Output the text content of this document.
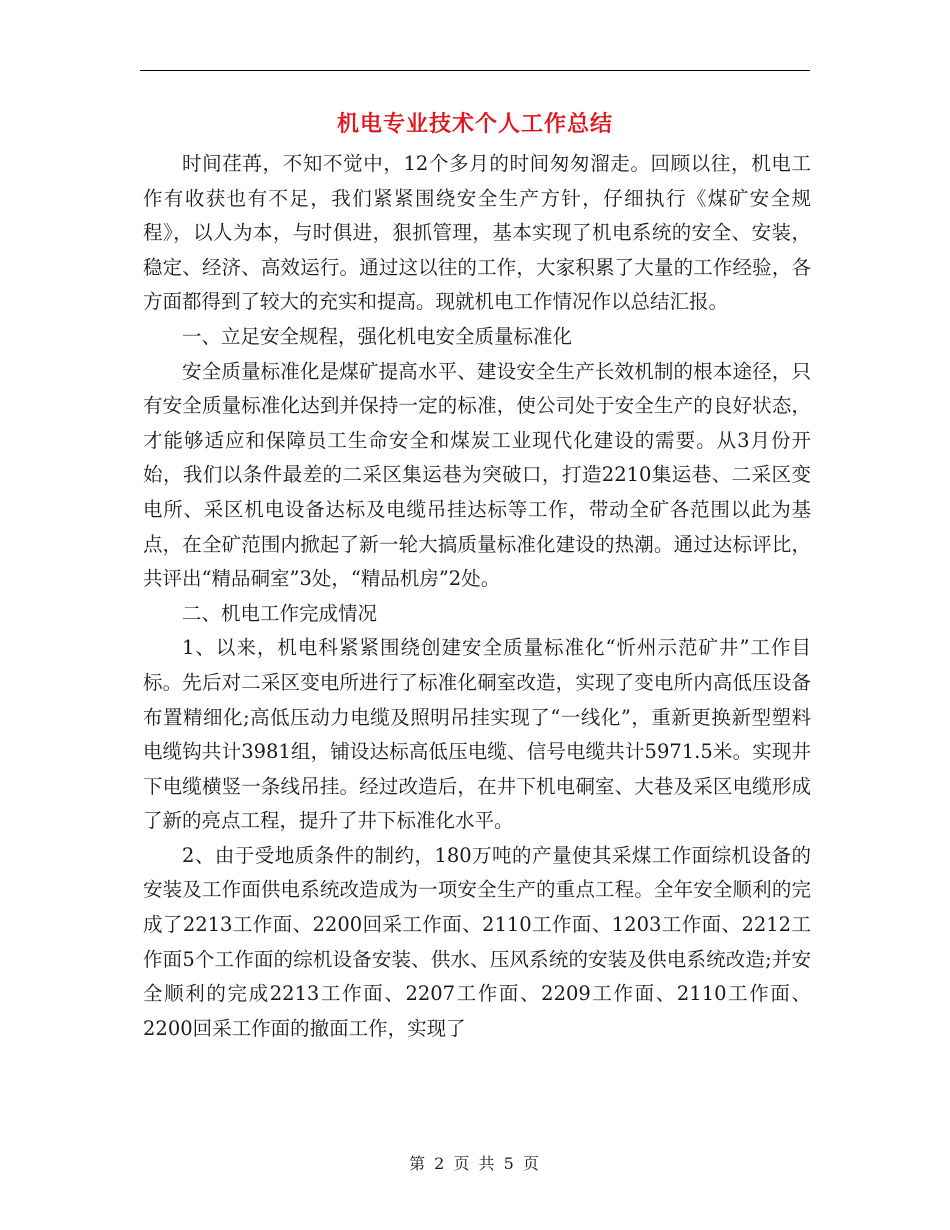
机电专业技术个人工作总结

时间荏苒，不知不觉中，12个多月的时间匆匆溜走。回顾以往，机电工作有收获也有不足，我们紧紧围绕安全生产方针，仔细执行《煤矿安全规程》，以人为本，与时俱进，狠抓管理，基本实现了机电系统的安全、安装，稳定、经济、高效运行。通过这以往的工作，大家积累了大量的工作经验，各方面都得到了较大的充实和提高。现就机电工作情况作以总结汇报。

一、立足安全规程，强化机电安全质量标准化

安全质量标准化是煤矿提高水平、建设安全生产长效机制的根本途径，只有安全质量标准化达到并保持一定的标准，使公司处于安全生产的良好状态，才能够适应和保障员工生命安全和煤炭工业现代化建设的需要。从3月份开始，我们以条件最差的二采区集运巷为突破口，打造2210集运巷、二采区变电所、采区机电设备达标及电缆吊挂达标等工作，带动全矿各范围以此为基点，在全矿范围内掀起了新一轮大搞质量标准化建设的热潮。通过达标评比，共评出“精品硐室”3处，“精品机房”2处。

二、机电工作完成情况

1、以来，机电科紧紧围绕创建安全质量标准化“忻州示范矿井”工作目标。先后对二采区变电所进行了标准化硐室改造，实现了变电所内高低压设备布置精细化;高低压动力电缆及照明吊挂实现了“一线化”，重新更换新型塑料电缆钩共计3981组，铺设达标高低压电缆、信号电缆共计5971.5米。实现井下电缆横竖一条线吊挂。经过改造后，在井下机电硐室、大巷及采区电缆形成了新的亮点工程，提升了井下标准化水平。

2、由于受地质条件的制约，180万吨的产量使其采煤工作面综机设备的安装及工作面供电系统改造成为一项安全生产的重点工程。全年安全顺利的完成了2213工作面、2200回采工作面、2110工作面、1203工作面、2212工作面5个工作面的综机设备安装、供水、压风系统的安装及供电系统改造;并安全顺利的完成2213工作面、2207工作面、2209工作面、2110工作面、2200回采工作面的撤面工作，实现了

第 2 页 共 5 页
